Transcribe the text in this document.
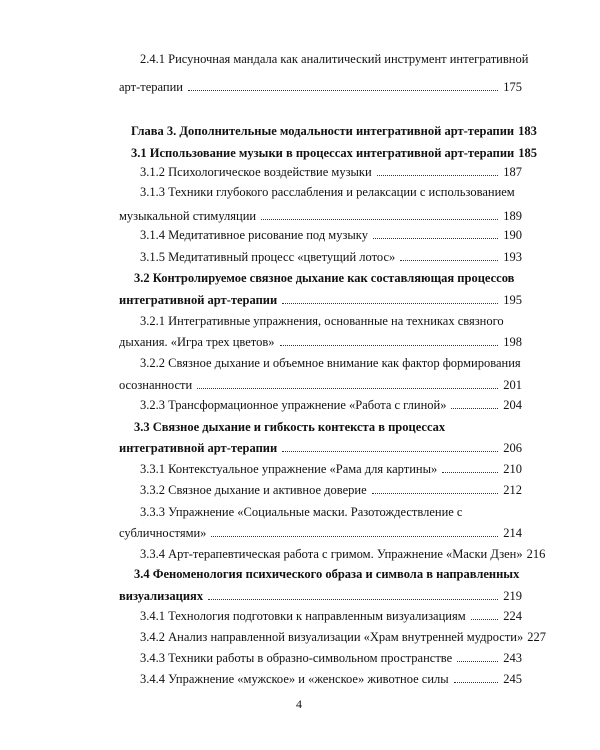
2.4.1 Рисуночная мандала как аналитический инструмент интегративной
арт-терапии	175
Глава 3. Дополнительные модальности интегративной арт-терапии 183
3.1 Использование музыки в процессах интегративной арт-терапии 185
3.1.2 Психологическое воздействие музыки	187
3.1.3 Техники глубокого расслабления и релаксации с использованием
музыкальной стимуляции	189
3.1.4 Медитативное рисование под музыку	190
3.1.5 Медитативный процесс «цветущий лотос»	193
3.2 Контролируемое связное дыхание как составляющая процессов
интегративной арт-терапии	195
3.2.1 Интегративные упражнения, основанные на техниках связного
дыхания. «Игра трех цветов»	198
3.2.2 Связное дыхание и объемное внимание как фактор формирования
осознанности	201
3.2.3 Трансформационное упражнение «Работа с глиной»	204
3.3 Связное дыхание и гибкость контекста в процессах
интегративной арт-терапии	206
3.3.1 Контекстуальное упражнение «Рама для картины»	210
3.3.2 Связное дыхание и активное доверие	212
3.3.3 Упражнение «Социальные маски. Разотождествление с
субличностями»	214
3.3.4 Арт-терапевтическая работа с гримом. Упражнение «Маски Дзен» 216
3.4 Феноменология психического образа и символа в направленных
визуализациях	219
3.4.1 Технология подготовки к направленным визуализациям	224
3.4.2 Анализ направленной визуализации «Храм внутренней мудрости» 227
3.4.3 Техники работы в образно-символьном пространстве	243
3.4.4 Упражнение «мужское» и «женское» животное силы	245
4
